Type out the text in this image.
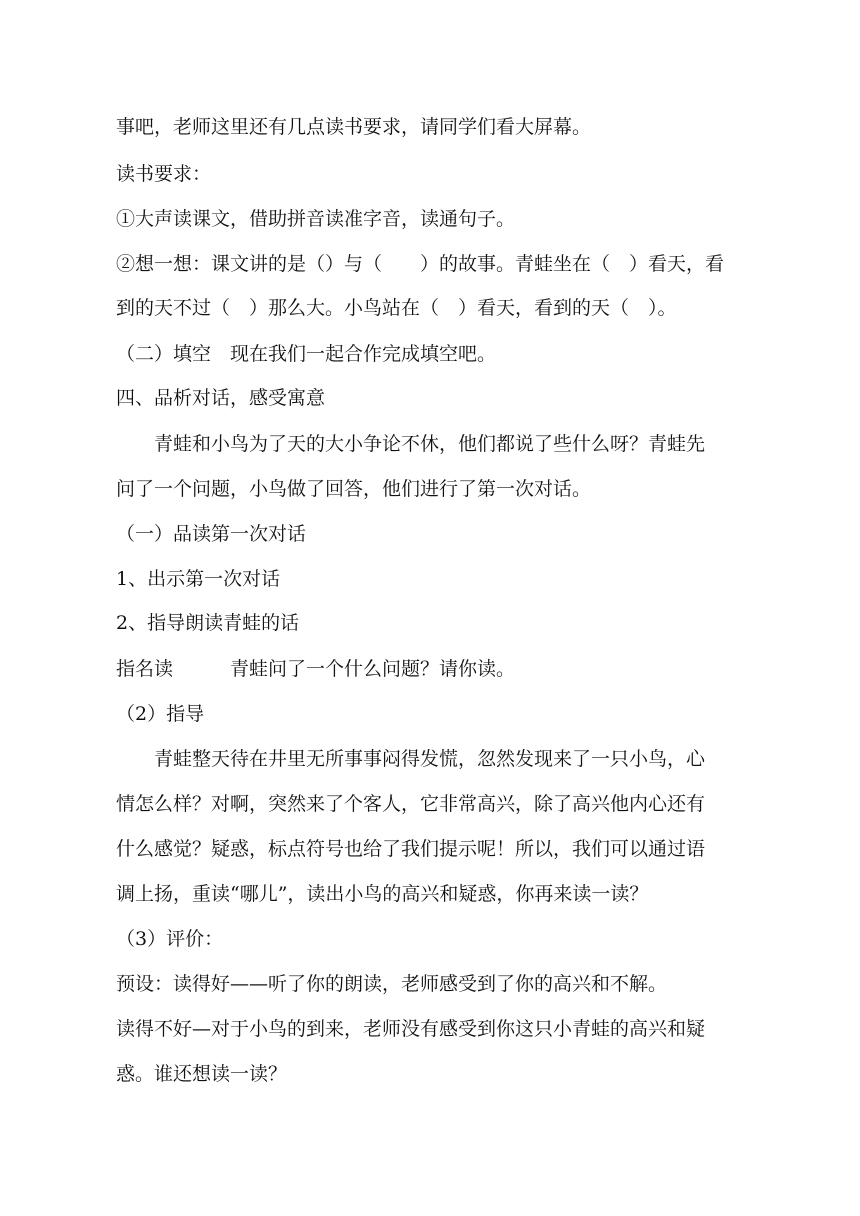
事吧，老师这里还有几点读书要求，请同学们看大屏幕。
读书要求：
①大声读课文，借助拼音读准字音，读通句子。
②想一想：课文讲的是（）与（　　）的故事。青蛙坐在（　）看天，看
到的天不过（　）那么大。小鸟站在（　）看天，看到的天（　）。
（二）填空　现在我们一起合作完成填空吧。
四、品析对话，感受寓意
　　青蛙和小鸟为了天的大小争论不休，他们都说了些什么呀？青蛙先
问了一个问题，小鸟做了回答，他们进行了第一次对话。
（一）品读第一次对话
1、出示第一次对话
2、指导朗读青蛙的话
指名读　　　青蛙问了一个什么问题？请你读。
（2）指导
　　青蛙整天待在井里无所事事闷得发慌，忽然发现来了一只小鸟，心
情怎么样？对啊，突然来了个客人，它非常高兴，除了高兴他内心还有
什么感觉？疑惑，标点符号也给了我们提示呢！所以，我们可以通过语
调上扬，重读“哪儿”，读出小鸟的高兴和疑惑，你再来读一读？
（3）评价：
预设：读得好——听了你的朗读，老师感受到了你的高兴和不解。
读得不好—对于小鸟的到来，老师没有感受到你这只小青蛙的高兴和疑
惑。谁还想读一读？
